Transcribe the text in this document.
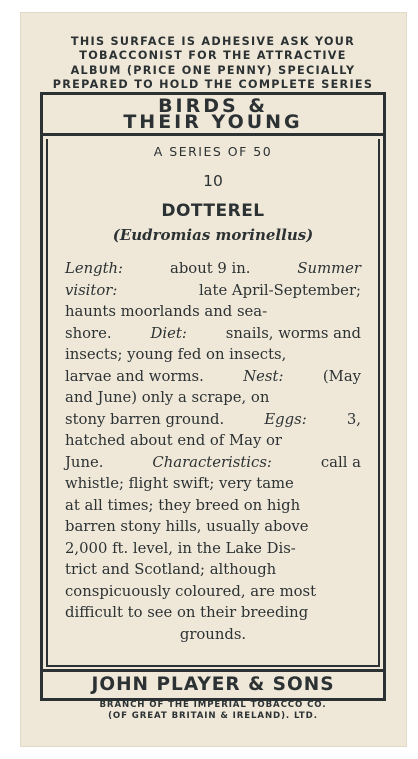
THIS SURFACE IS ADHESIVE ASK YOUR
TOBACCONIST FOR THE ATTRACTIVE
ALBUM (PRICE ONE PENNY) SPECIALLY
PREPARED TO HOLD THE COMPLETE SERIES
BIRDS &
THEIR YOUNG
A SERIES OF 50
10
DOTTEREL
(Eudromias morinellus)
Length:	about 9 in.	Summer
visitor:	late April-September;
haunts moorlands and sea-
shore.	Diet:	snails, worms and
insects; young fed on insects,
larvae and worms.	Nest:	(May
and June) only a scrape, on
stony barren ground.	Eggs:	3,
hatched about end of May or
June.	Characteristics:	call a
whistle; flight swift; very tame
at all times; they breed on high
barren stony hills, usually above
2,000 ft. level, in the Lake Dis-
trict and Scotland; although
conspicuously coloured, are most
difficult to see on their breeding
grounds.
JOHN PLAYER & SONS
BRANCH OF THE IMPERIAL TOBACCO CO.
(OF GREAT BRITAIN & IRELAND). LTD.
